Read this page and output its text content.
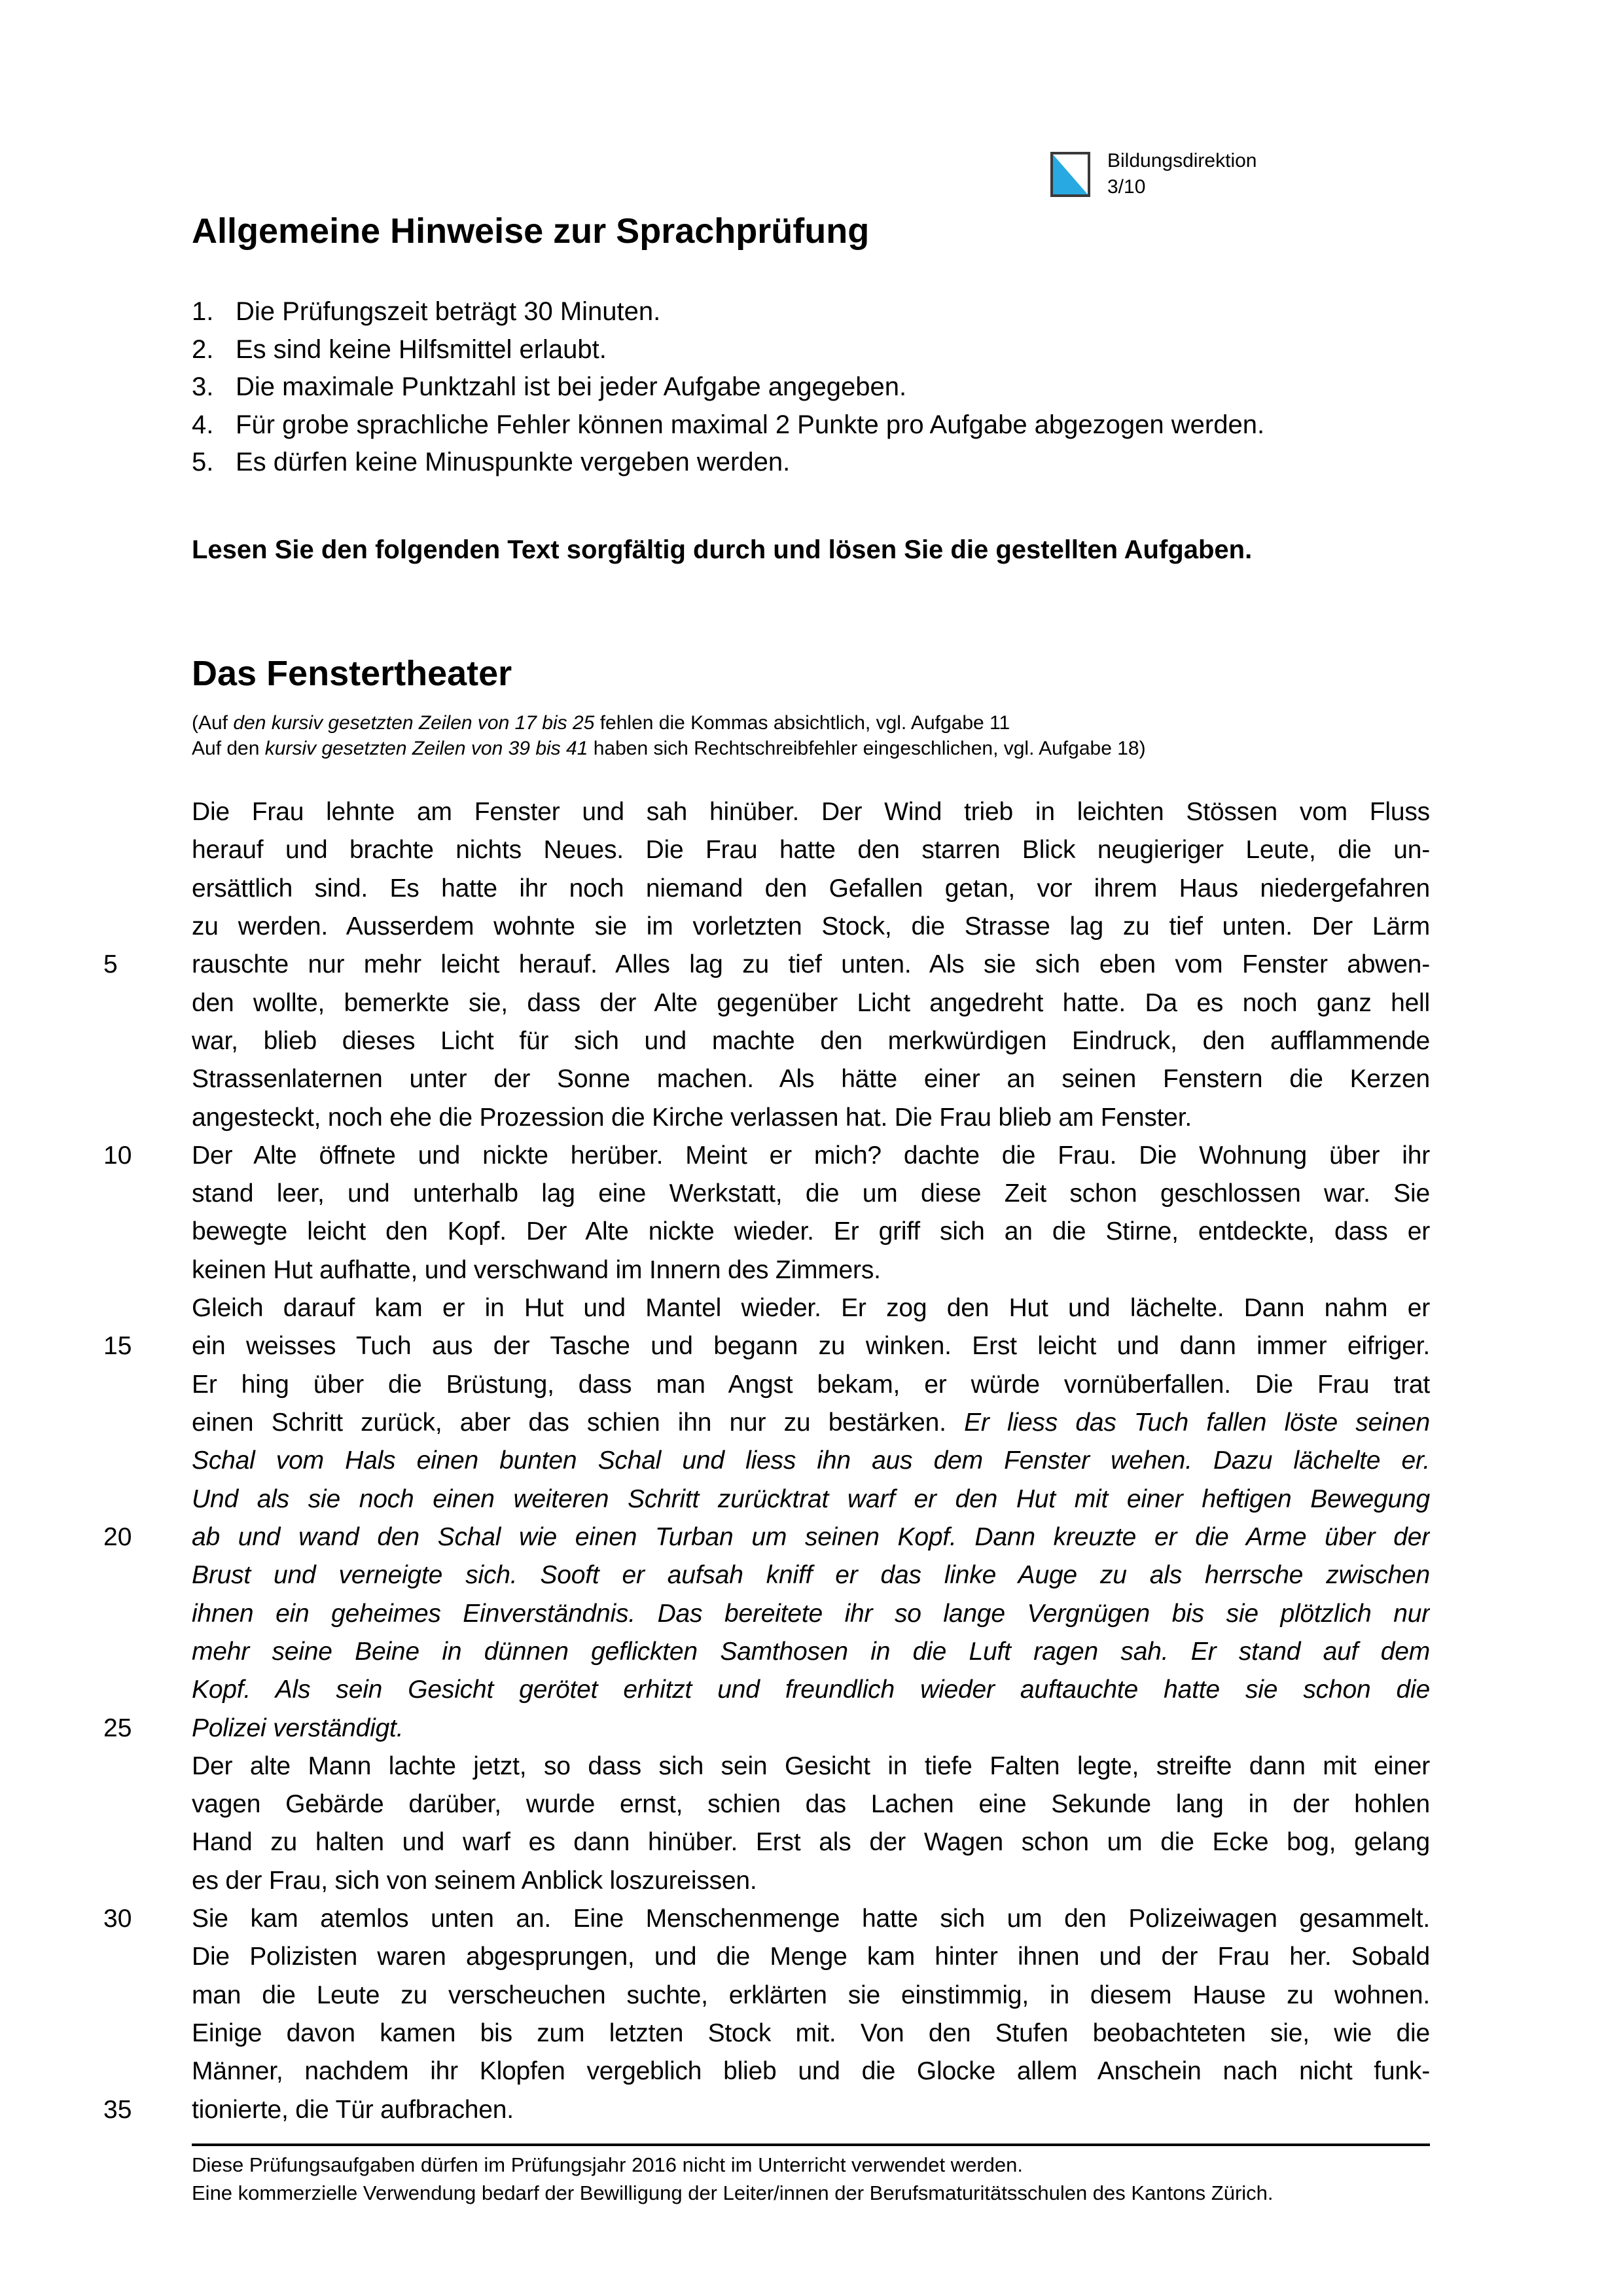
Bildungsdirektion
3/10
Allgemeine Hinweise zur Sprachprüfung
1. Die Prüfungszeit beträgt 30 Minuten.
2. Es sind keine Hilfsmittel erlaubt.
3. Die maximale Punktzahl ist bei jeder Aufgabe angegeben.
4. Für grobe sprachliche Fehler können maximal 2 Punkte pro Aufgabe abgezogen werden.
5. Es dürfen keine Minuspunkte vergeben werden.

Lesen Sie den folgenden Text sorgfältig durch und lösen Sie die gestellten Aufgaben.

Das Fenstertheater
(Auf den kursiv gesetzten Zeilen von 17 bis 25 fehlen die Kommas absichtlich, vgl. Aufgabe 11
Auf den kursiv gesetzten Zeilen von 39 bis 41 haben sich Rechtschreibfehler eingeschlichen, vgl. Aufgabe 18)
Die Frau lehnte am Fenster und sah hinüber. Der Wind trieb in leichten Stössen vom Fluss
herauf und brachte nichts Neues. Die Frau hatte den starren Blick neugieriger Leute, die un-
ersättlich sind. Es hatte ihr noch niemand den Gefallen getan, vor ihrem Haus niedergefahren
zu werden. Ausserdem wohnte sie im vorletzten Stock, die Strasse lag zu tief unten. Der Lärm
5	rauschte nur mehr leicht herauf. Alles lag zu tief unten. Als sie sich eben vom Fenster abwen-
den wollte, bemerkte sie, dass der Alte gegenüber Licht angedreht hatte. Da es noch ganz hell
war, blieb dieses Licht für sich und machte den merkwürdigen Eindruck, den aufflammende
Strassenlaternen unter der Sonne machen. Als hätte einer an seinen Fenstern die Kerzen
angesteckt, noch ehe die Prozession die Kirche verlassen hat. Die Frau blieb am Fenster.
10	Der Alte öffnete und nickte herüber. Meint er mich? dachte die Frau. Die Wohnung über ihr
stand leer, und unterhalb lag eine Werkstatt, die um diese Zeit schon geschlossen war. Sie
bewegte leicht den Kopf. Der Alte nickte wieder. Er griff sich an die Stirne, entdeckte, dass er
keinen Hut aufhatte, und verschwand im Innern des Zimmers.
Gleich darauf kam er in Hut und Mantel wieder. Er zog den Hut und lächelte. Dann nahm er
15	ein weisses Tuch aus der Tasche und begann zu winken. Erst leicht und dann immer eifriger.
Er hing über die Brüstung, dass man Angst bekam, er würde vornüberfallen. Die Frau trat
einen Schritt zurück, aber das schien ihn nur zu bestärken. Er liess das Tuch fallen löste seinen
Schal vom Hals einen bunten Schal und liess ihn aus dem Fenster wehen. Dazu lächelte er.
Und als sie noch einen weiteren Schritt zurücktrat warf er den Hut mit einer heftigen Bewegung
20	ab und wand den Schal wie einen Turban um seinen Kopf. Dann kreuzte er die Arme über der
Brust und verneigte sich. Sooft er aufsah kniff er das linke Auge zu als herrsche zwischen
ihnen ein geheimes Einverständnis. Das bereitete ihr so lange Vergnügen bis sie plötzlich nur
mehr seine Beine in dünnen geflickten Samthosen in die Luft ragen sah. Er stand auf dem
Kopf. Als sein Gesicht gerötet erhitzt und freundlich wieder auftauchte hatte sie schon die
25	Polizei verständigt.
Der alte Mann lachte jetzt, so dass sich sein Gesicht in tiefe Falten legte, streifte dann mit einer
vagen Gebärde darüber, wurde ernst, schien das Lachen eine Sekunde lang in der hohlen
Hand zu halten und warf es dann hinüber. Erst als der Wagen schon um die Ecke bog, gelang
es der Frau, sich von seinem Anblick loszureissen.
30	Sie kam atemlos unten an. Eine Menschenmenge hatte sich um den Polizeiwagen gesammelt.
Die Polizisten waren abgesprungen, und die Menge kam hinter ihnen und der Frau her. Sobald
man die Leute zu verscheuchen suchte, erklärten sie einstimmig, in diesem Hause zu wohnen.
Einige davon kamen bis zum letzten Stock mit. Von den Stufen beobachteten sie, wie die
Männer, nachdem ihr Klopfen vergeblich blieb und die Glocke allem Anschein nach nicht funk-
35	tionierte, die Tür aufbrachen.
Diese Prüfungsaufgaben dürfen im Prüfungsjahr 2016 nicht im Unterricht verwendet werden.
Eine kommerzielle Verwendung bedarf der Bewilligung der Leiter/innen der Berufsmaturitätsschulen des Kantons Zürich.
